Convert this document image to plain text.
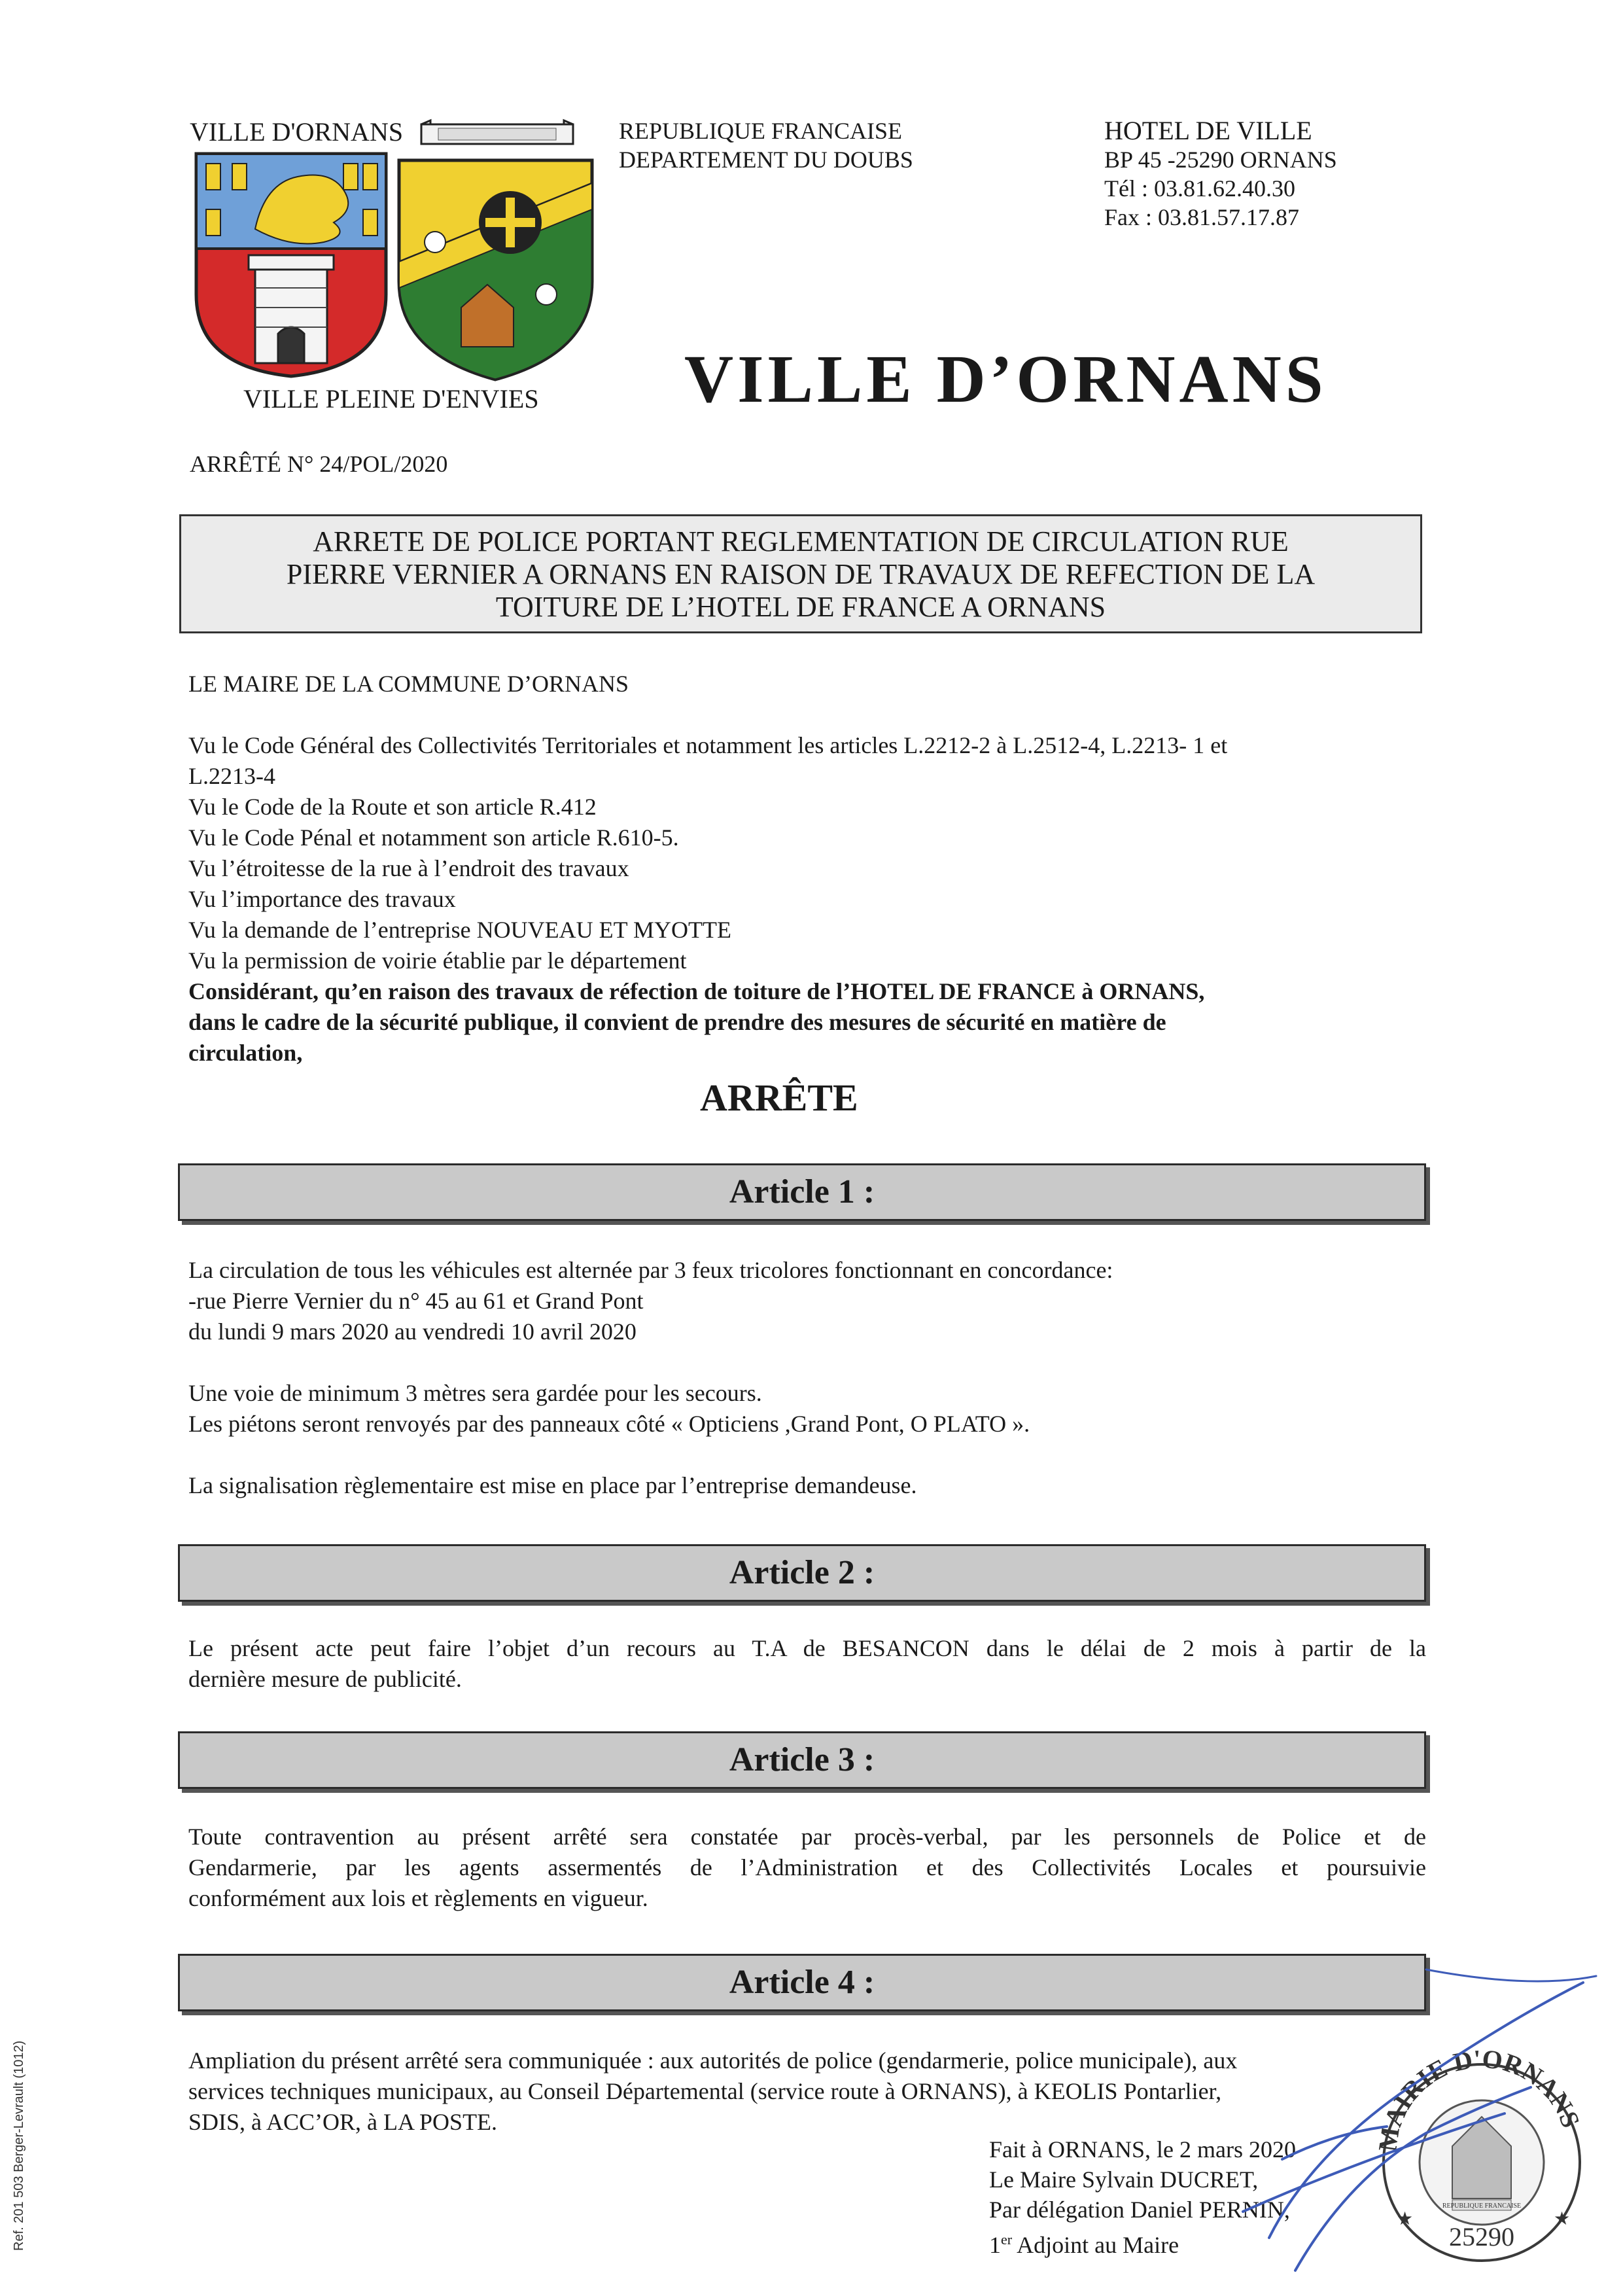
VILLE D'ORNANS
VILLE PLEINE D'ENVIES
REPUBLIQUE FRANCAISE
DEPARTEMENT DU DOUBS
HOTEL DE VILLE
BP 45 -25290 ORNANS
Tél : 03.81.62.40.30
Fax : 03.81.57.17.87
VILLE D’ORNANS
ARRÊTÉ N° 24/POL/2020
ARRETE DE POLICE PORTANT REGLEMENTATION DE CIRCULATION RUE
PIERRE VERNIER A ORNANS EN RAISON DE TRAVAUX DE REFECTION DE LA
TOITURE DE L’HOTEL DE FRANCE A ORNANS
LE MAIRE DE LA COMMUNE D’ORNANS
Vu le Code Général des Collectivités Territoriales et notamment les articles L.2212-2 à L.2512-4, L.2213- 1 et
L.2213-4
Vu le Code de la Route et son article R.412
Vu le Code Pénal et notamment son article R.610-5.
Vu l’étroitesse de la rue à l’endroit des travaux
Vu l’importance des travaux
Vu la demande de l’entreprise NOUVEAU ET MYOTTE
Vu la permission de voirie établie par le département
Considérant, qu’en raison des travaux de réfection de toiture de l’HOTEL DE FRANCE à ORNANS,
dans le cadre de la sécurité publique, il convient de prendre des mesures de sécurité en matière de
circulation,
ARRÊTE
Article 1 :
La circulation de tous les véhicules est alternée par 3 feux tricolores fonctionnant en concordance:
-rue Pierre Vernier du n° 45 au 61 et Grand Pont
du lundi 9 mars 2020 au vendredi 10 avril 2020
Une voie de minimum 3 mètres sera gardée pour les secours.
Les piétons seront renvoyés par des panneaux côté « Opticiens ,Grand Pont, O PLATO ».
La signalisation règlementaire est mise en place par l’entreprise demandeuse.
Article 2 :
Le présent acte peut faire l’objet d’un recours au T.A de BESANCON dans le délai de 2 mois à partir de la
dernière mesure de publicité.
Article 3 :
Toute contravention au présent arrêté sera constatée par procès-verbal, par les personnels de Police et de
Gendarmerie, par les agents assermentés de l’Administration et des Collectivités Locales et poursuivie
conformément aux lois et règlements en vigueur.
Article 4 :
Ampliation du présent arrêté sera communiquée : aux autorités de police (gendarmerie, police municipale), aux
services techniques municipaux, au Conseil Départemental (service route à ORNANS), à KEOLIS Pontarlier,
SDIS, à ACC’OR, à LA POSTE.
Fait à ORNANS, le 2 mars 2020
Le Maire Sylvain DUCRET,
Par délégation Daniel PERNIN,
1er Adjoint au Maire
MAIRIE D'ORNANS
REPUBLIQUE FRANCAISE
25290
★	★
Ref. 201 503 Berger-Levrault (1012)
